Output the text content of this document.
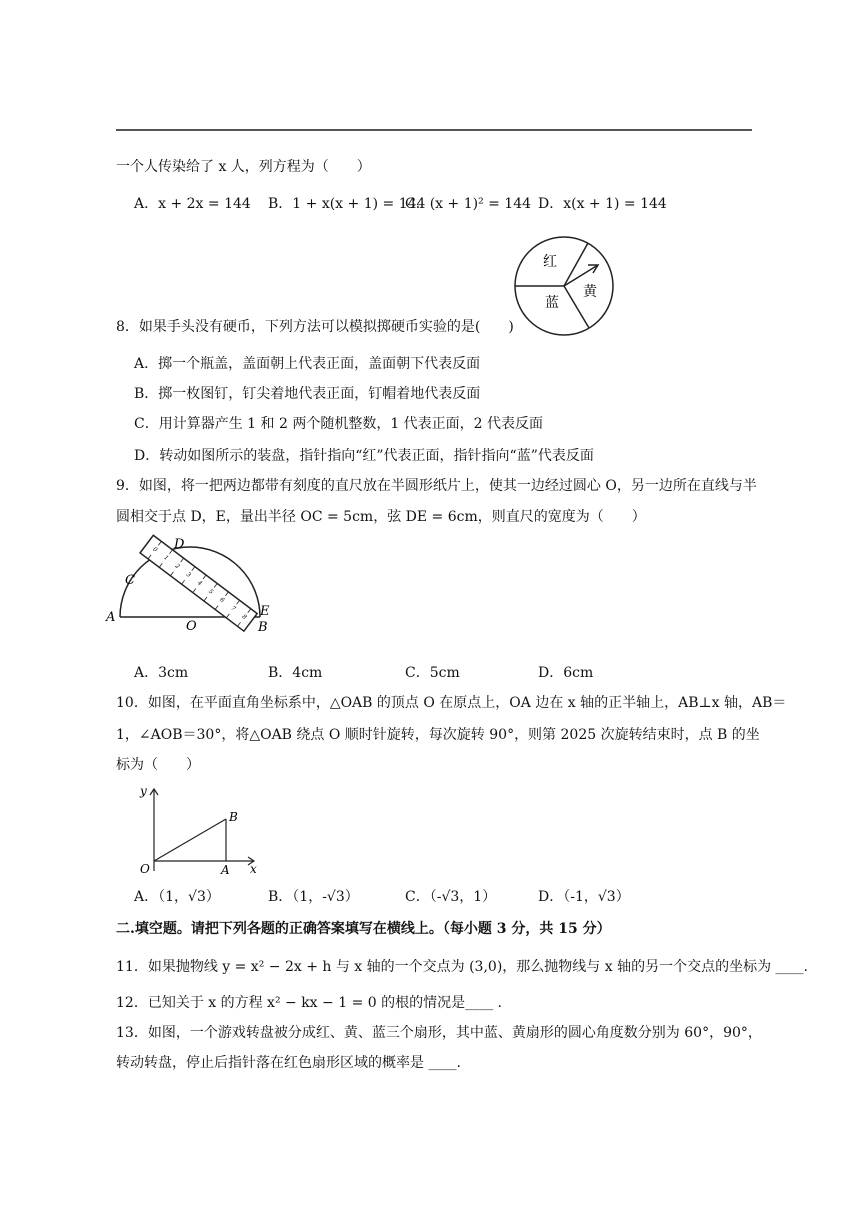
一个人传染给了 x 人，列方程为（　　）
A．x + 2x = 144 B．1 + x(x + 1) = 144
C．(x + 1)² = 144 D．x(x + 1) = 144
红
黄
蓝
8．如果手头没有硬币，下列方法可以模拟掷硬币实验的是(　　)
A．掷一个瓶盖，盖面朝上代表正面，盖面朝下代表反面
B．掷一枚图钉，钉尖着地代表正面，钉帽着地代表反面
C．用计算器产生 1 和 2 两个随机整数，1 代表正面，2 代表反面
D．转动如图所示的装盘，指针指向“红”代表正面，指针指向“蓝”代表反面
9．如图，将一把两边都带有刻度的直尺放在半圆形纸片上，使其一边经过圆心 O，另一边所在直线与半
圆相交于点 D，E，量出半径 OC = 5cm，弦 DE = 6cm，则直尺的宽度为（　　）
0
1
2
3
4
5
6
7
8
A
B
C
D
E
O
A．3cm	B．4cm	C．5cm	D．6cm
10．如图，在平面直角坐标系中，△OAB 的顶点 O 在原点上，OA 边在 x 轴的正半轴上，AB⊥x 轴，AB＝
1，∠AOB＝30°，将△OAB 绕点 O 顺时针旋转，每次旋转 90°，则第 2025 次旋转结束时，点 B 的坐
标为（　　）
y
x
O	A
B
A．（1，√3）	B．（1，-√3）	C．（-√3，1）	D．（-1，√3）
二.填空题。请把下列各题的正确答案填写在横线上。（每小题 3 分，共 15 分）
11．如果抛物线 y = x² − 2x + h 与 x 轴的一个交点为 (3,0)，那么抛物线与 x 轴的另一个交点的坐标为 ____.
12．已知关于 x 的方程 x² − kx − 1 = 0 的根的情况是____ .
13．如图，一个游戏转盘被分成红、黄、蓝三个扇形，其中蓝、黄扇形的圆心角度数分别为 60°，90°，
转动转盘，停止后指针落在红色扇形区域的概率是 ____.
